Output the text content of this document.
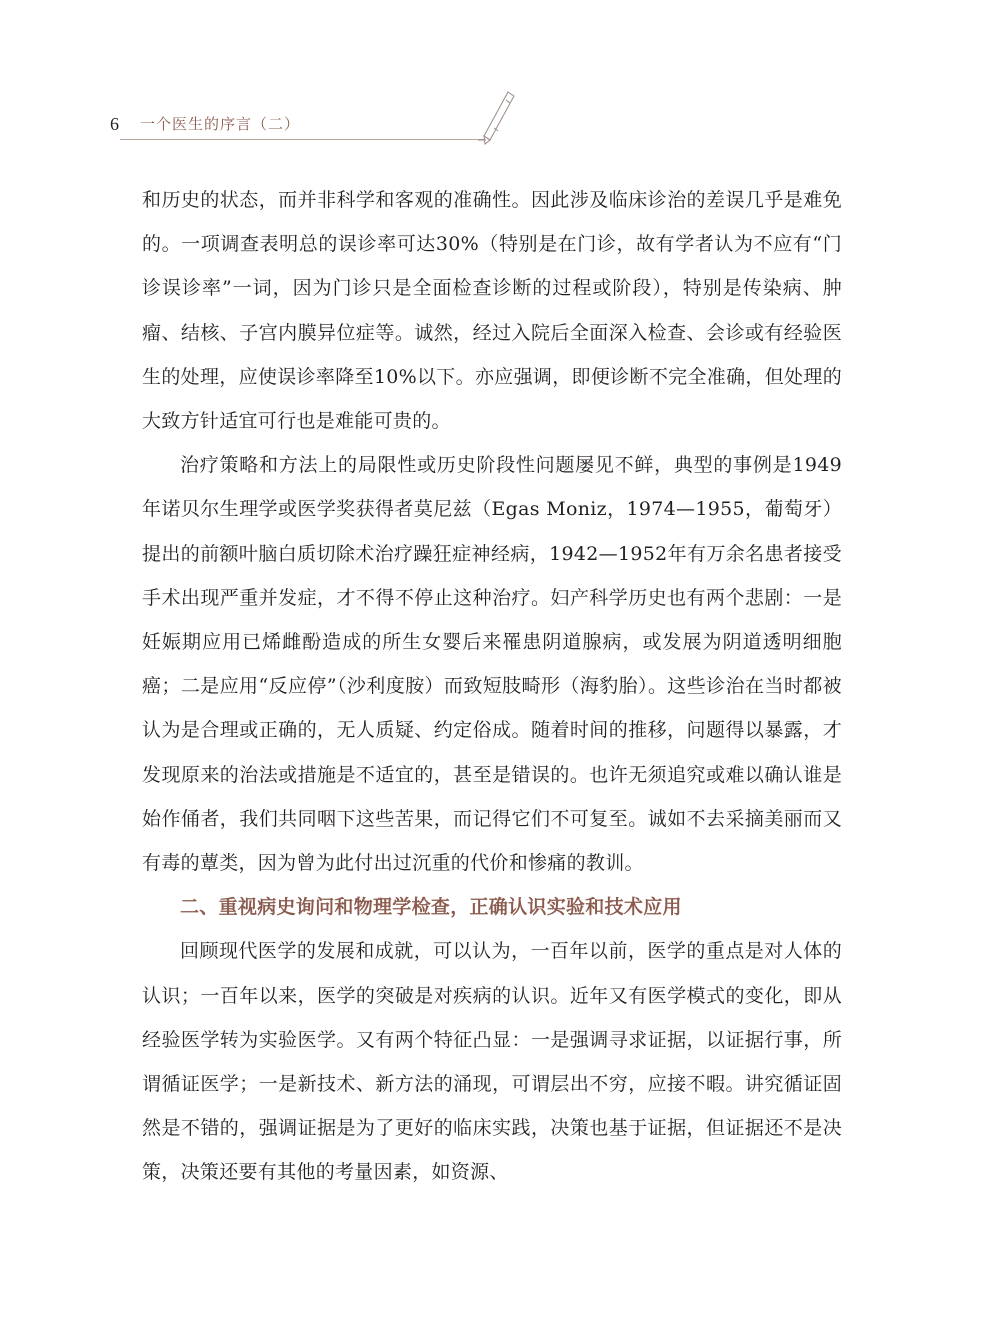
6 一个医生的序言（二）

和历史的状态，而并非科学和客观的准确性。因此涉及临床诊治的差误几乎是难免的。一项调查表明总的误诊率可达30%（特别是在门诊，故有学者认为不应有“门诊误诊率”一词，因为门诊只是全面检查诊断的过程或阶段），特别是传染病、肿瘤、结核、子宫内膜异位症等。诚然，经过入院后全面深入检查、会诊或有经验医生的处理，应使误诊率降至10%以下。亦应强调，即便诊断不完全准确，但处理的大致方针适宜可行也是难能可贵的。

治疗策略和方法上的局限性或历史阶段性问题屡见不鲜，典型的事例是1949年诺贝尔生理学或医学奖获得者莫尼兹（Egas Moniz，1974—1955，葡萄牙）提出的前额叶脑白质切除术治疗躁狂症神经病，1942—1952年有万余名患者接受手术出现严重并发症，才不得不停止这种治疗。妇产科学历史也有两个悲剧：一是妊娠期应用已烯雌酚造成的所生女婴后来罹患阴道腺病，或发展为阴道透明细胞癌；二是应用“反应停”（沙利度胺）而致短肢畸形（海豹胎）。这些诊治在当时都被认为是合理或正确的，无人质疑、约定俗成。随着时间的推移，问题得以暴露，才发现原来的治法或措施是不适宜的，甚至是错误的。也许无须追究或难以确认谁是始作俑者，我们共同咽下这些苦果，而记得它们不可复至。诚如不去采摘美丽而又有毒的蕈类，因为曾为此付出过沉重的代价和惨痛的教训。

二、重视病史询问和物理学检查，正确认识实验和技术应用

回顾现代医学的发展和成就，可以认为，一百年以前，医学的重点是对人体的认识；一百年以来，医学的突破是对疾病的认识。近年又有医学模式的变化，即从经验医学转为实验医学。又有两个特征凸显：一是强调寻求证据，以证据行事，所谓循证医学；一是新技术、新方法的涌现，可谓层出不穷，应接不暇。讲究循证固然是不错的，强调证据是为了更好的临床实践，决策也基于证据，但证据还不是决策，决策还要有其他的考量因素，如资源、
